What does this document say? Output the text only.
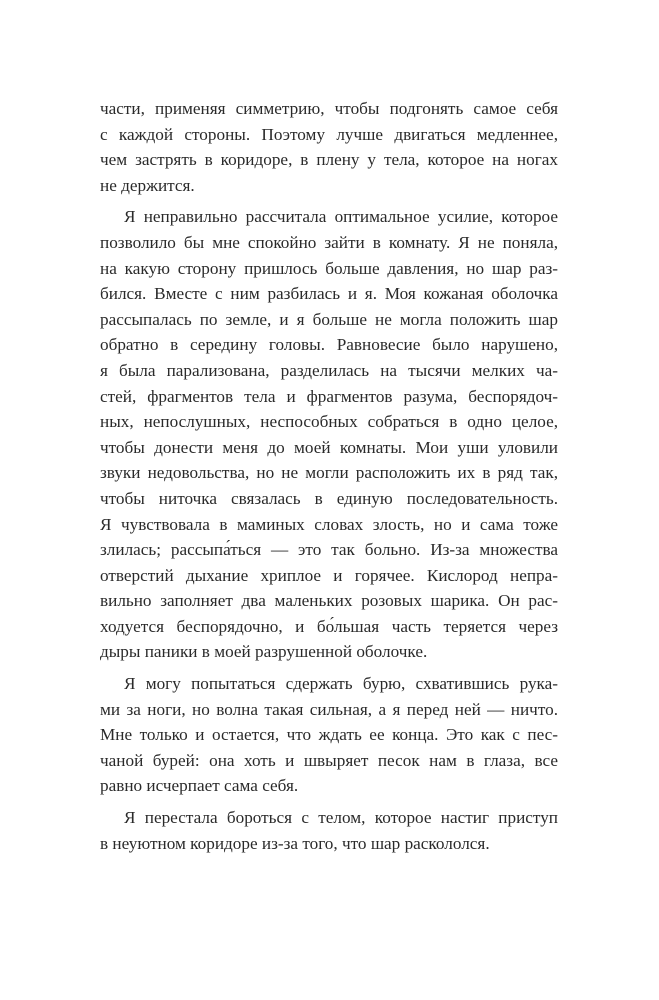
части, применяя симметрию, чтобы подгонять самое себя
с каждой стороны. Поэтому лучше двигаться медленнее,
чем застрять в коридоре, в плену у тела, которое на ногах
не держится.

Я неправильно рассчитала оптимальное усилие, которое
позволило бы мне спокойно зайти в комнату. Я не поняла,
на какую сторону пришлось больше давления, но шар раз-
бился. Вместе с ним разбилась и я. Моя кожаная оболочка
рассыпалась по земле, и я больше не могла положить шар
обратно в середину головы. Равновесие было нарушено,
я была парализована, разделилась на тысячи мелких ча-
стей, фрагментов тела и фрагментов разума, беспорядоч-
ных, непослушных, неспособных собраться в одно целое,
чтобы донести меня до моей комнаты. Мои уши уловили
звуки недовольства, но не могли расположить их в ряд так,
чтобы ниточка связалась в единую последовательность.
Я чувствовала в маминых словах злость, но и сама тоже
злилась; рассыпа́ться — это так больно. Из-за множества
отверстий дыхание хриплое и горячее. Кислород непра-
вильно заполняет два маленьких розовых шарика. Он рас-
ходуется беспорядочно, и бо́льшая часть теряется через
дыры паники в моей разрушенной оболочке.

Я могу попытаться сдержать бурю, схватившись рука-
ми за ноги, но волна такая сильная, а я перед ней — ничто.
Мне только и остается, что ждать ее конца. Это как с пес-
чаной бурей: она хоть и швыряет песок нам в глаза, все
равно исчерпает сама себя.

Я перестала бороться с телом, которое настиг приступ
в неуютном коридоре из-за того, что шар раскололся.
